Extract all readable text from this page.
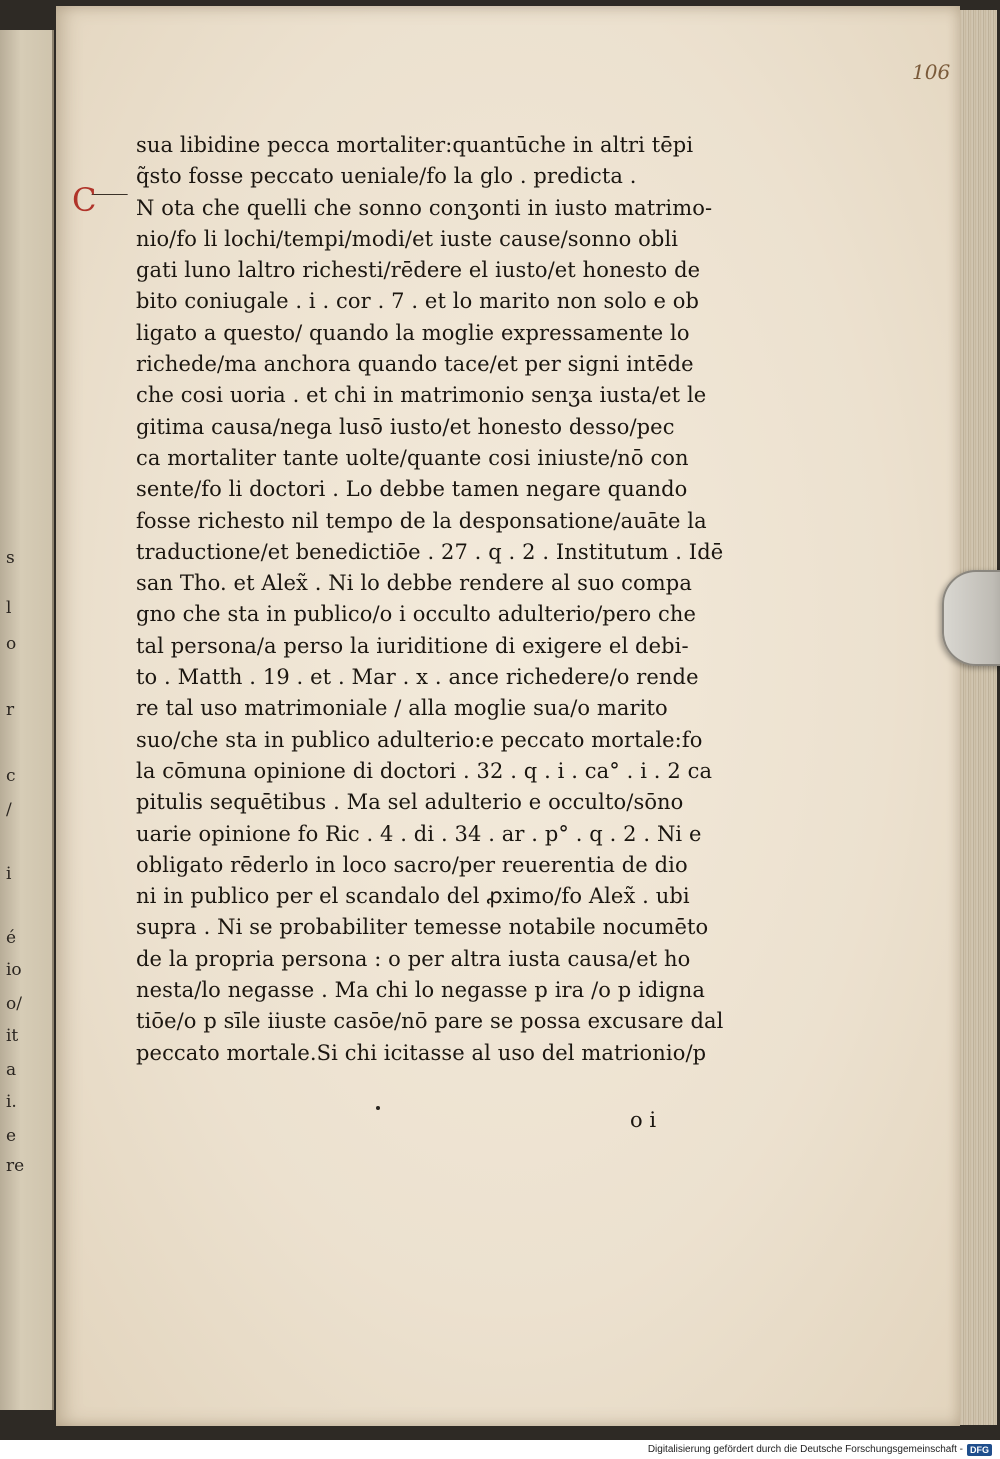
s
l
o
r
c
/
i
é
io
o/
it
a
i.
e
re
106
C
sua libidine pecca mortaliter:quantūche in altri tēpi
q̃sto fosse peccato ueniale/fo la glo . predicta .
N ota che quelli che sonno conʒonti in iusto matrimo-
nio/fo li lochi/tempi/modi/et iuste cause/sonno obli
gati luno laltro richesti/rēdere el iusto/et honesto de
bito coniugale . i . cor . 7 . et lo marito non solo e ob
ligato a questo/ quando la moglie expressamente lo
richede/ma anchora quando tace/et per signi intēde
che cosi uoria . et chi in matrimonio senʒa iusta/et le
gitima causa/nega lusō iusto/et honesto desso/pec
ca mortaliter tante uolte/quante cosi iniuste/nō con
sente/fo li doctori . Lo debbe tamen negare quando
fosse richesto nil tempo de la desponsatione/auāte la
traductione/et benedictiōe . 27 . q . 2 . Institutum . Idē
san Tho. et Alex̃ . Ni lo debbe rendere al suo compa
gno che sta in publico/o i occulto adulterio/pero che
tal persona/a perso la iuriditione di exigere el debi-
to . Matth . 19 . et . Mar . x . ance richedere/o rende
re tal uso matrimoniale / alla moglie sua/o marito
suo/che sta in publico adulterio:e peccato mortale:fo
la cōmuna opinione di doctori . 32 . q . i . ca° . i . 2 ca
pitulis sequētibus . Ma sel adulterio e occulto/sōno
uarie opinione fo Ric . 4 . di . 34 . ar . p° . q . 2 . Ni e
obligato rēderlo in loco sacro/per reuerentia de dio
ni in publico per el scandalo del ꝓximo/fo Alex̃ . ubi
supra . Ni se probabiliter temesse notabile nocumēto
de la propria persona : o per altra iusta causa/et ho
nesta/lo negasse . Ma chi lo negasse p ira /o p idigna
tiōe/o p sīle iiuste casōe/nō pare se possa excusare dal
peccato mortale.Si chi icitasse al uso del matrionio/p
o i
Digitalisierung gefördert durch die Deutsche Forschungsgemeinschaft - DFG
